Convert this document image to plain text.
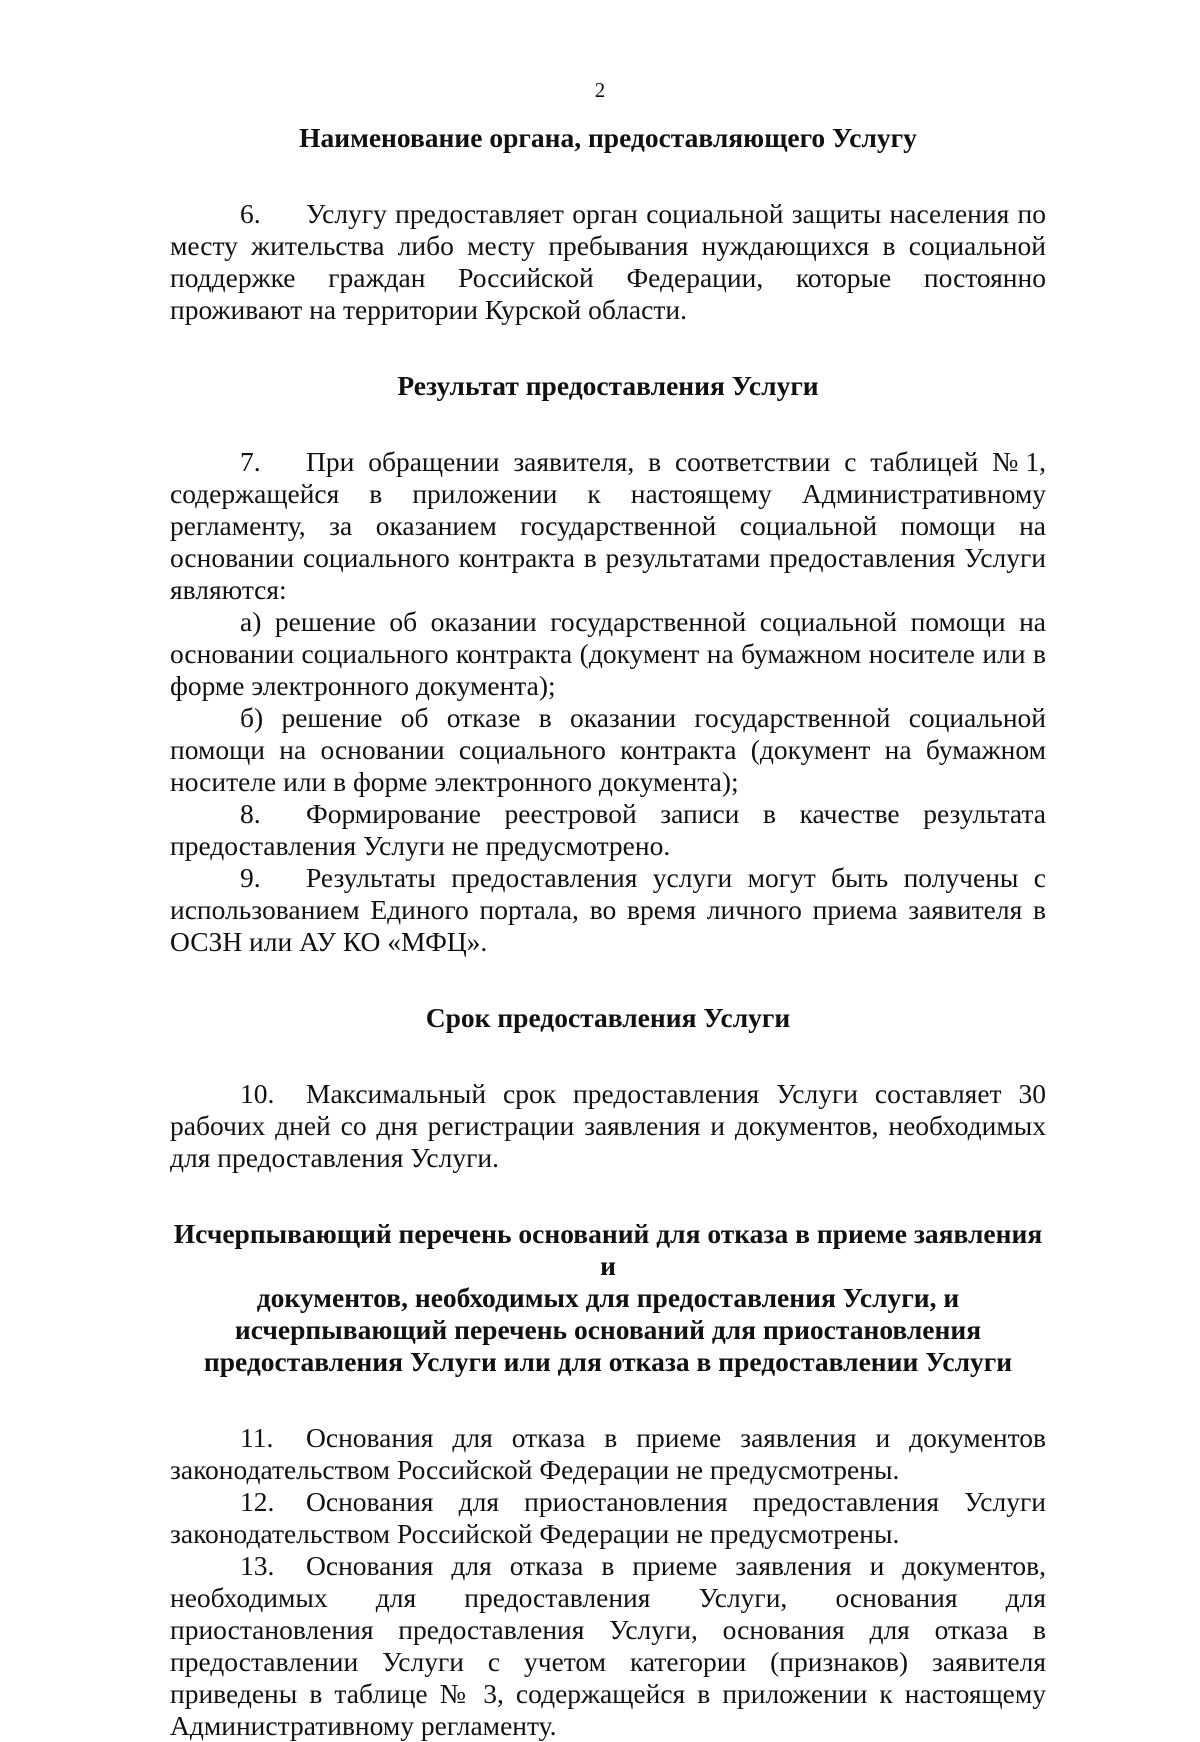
2
Наименование органа, предоставляющего Услугу

6. Услугу предоставляет орган социальной защиты населения по месту жительства либо месту пребывания нуждающихся в социальной поддержке граждан Российской Федерации, которые постоянно проживают на территории Курской области.

Результат предоставления Услуги

7. При обращении заявителя, в соответствии с таблицей №1, содержащейся в приложении к настоящему Административному регламенту, за оказанием государственной социальной помощи на основании социального контракта в результатами предоставления Услуги являются:

а) решение об оказании государственной социальной помощи на основании социального контракта (документ на бумажном носителе или в форме электронного документа);

б) решение об отказе в оказании государственной социальной помощи на основании социального контракта (документ на бумажном носителе или в форме электронного документа);

8. Формирование реестровой записи в качестве результата предоставления Услуги не предусмотрено.

9. Результаты предоставления услуги могут быть получены с использованием Единого портала, во время личного приема заявителя в ОСЗН или АУ КО «МФЦ».

Срок предоставления Услуги

10. Максимальный срок предоставления Услуги составляет 30 рабочих дней со дня регистрации заявления и документов, необходимых для предоставления Услуги.

Исчерпывающий перечень оснований для отказа в приеме заявления и
документов, необходимых для предоставления Услуги, и
исчерпывающий перечень оснований для приостановления
предоставления Услуги или для отказа в предоставлении Услуги

11. Основания для отказа в приеме заявления и документов законодательством Российской Федерации не предусмотрены.

12. Основания для приостановления предоставления Услуги законодательством Российской Федерации не предусмотрены.

13. Основания для отказа в приеме заявления и документов, необходимых для предоставления Услуги, основания для приостановления предоставления Услуги, основания для отказа в предоставлении Услуги с учетом категории (признаков) заявителя приведены в таблице № 3, содержащейся в приложении к настоящему Административному регламенту.
